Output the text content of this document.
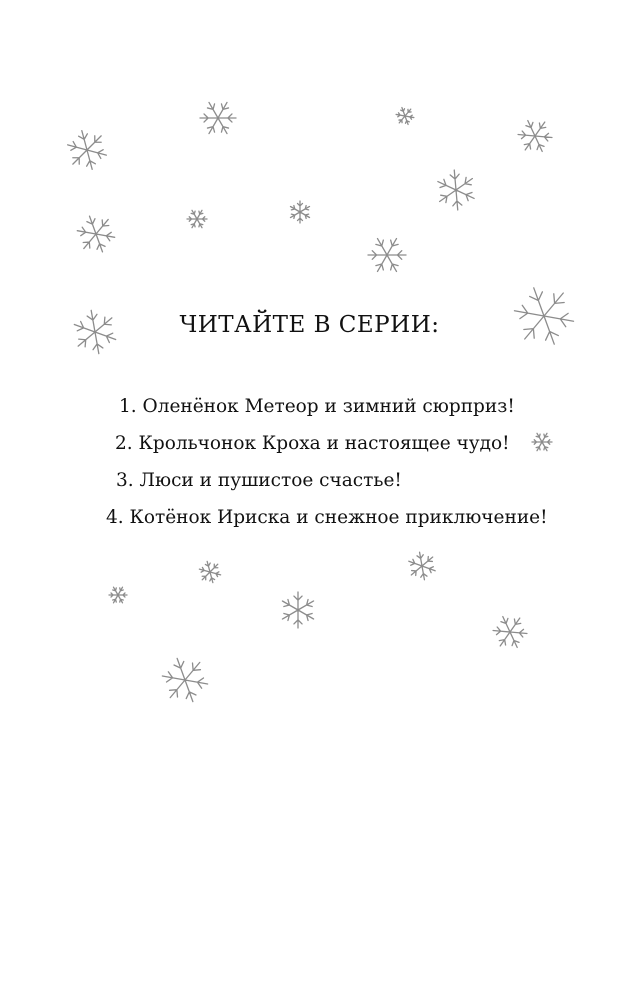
ЧИТАЙТЕ В СЕРИИ:
1. Оленёнок Метеор и зимний сюрприз!
2. Крольчонок Кроха и настоящее чудо!
3. Люси и пушистое счастье!
4. Котёнок Ириска и снежное приключение!
